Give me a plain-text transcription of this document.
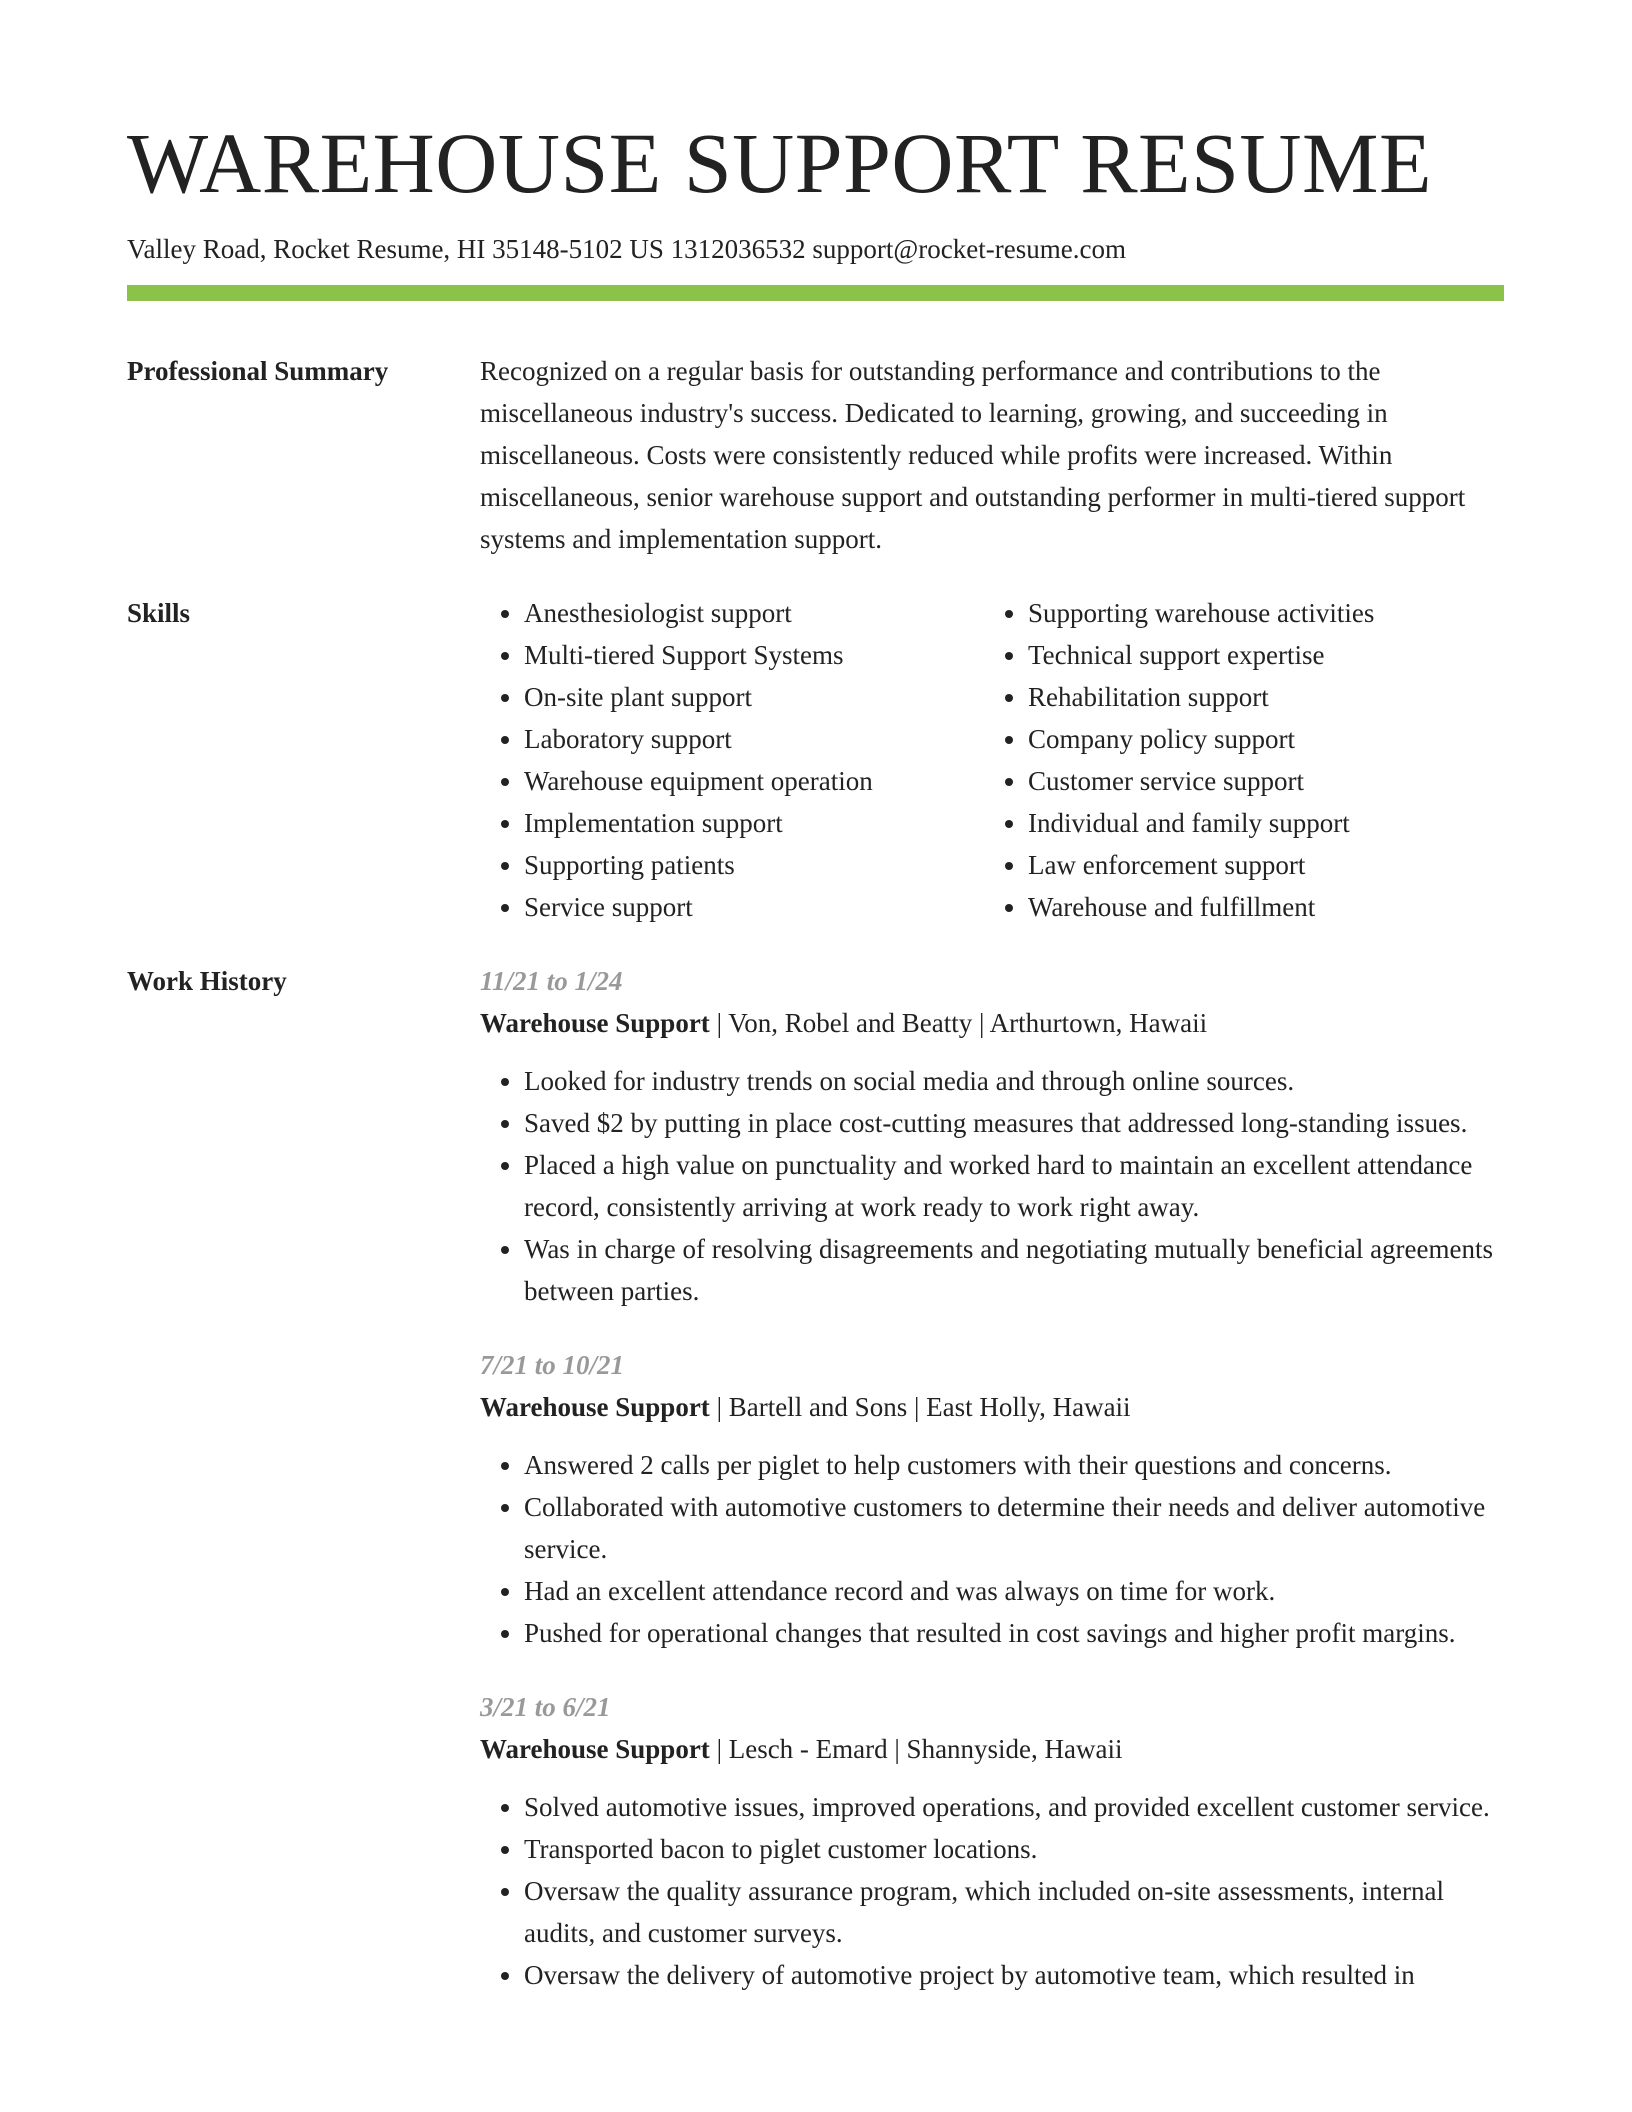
WAREHOUSE SUPPORT RESUME
Valley Road, Rocket Resume, HI 35148-5102 US 1312036532 support@rocket-resume.com
Professional Summary	Recognized on a regular basis for outstanding performance and contributions to the miscellaneous industry's success. Dedicated to learning, growing, and succeeding in miscellaneous. Costs were consistently reduced while profits were increased. Within miscellaneous, senior warehouse support and outstanding performer in multi-tiered support systems and implementation support.

Skills
•	Anesthesiologist support
• Multi-tiered Support Systems
• On-site plant support
• Laboratory support
• Warehouse equipment operation
• Implementation support
• Supporting patients
• Service support
• Supporting warehouse activities
• Technical support expertise
• Rehabilitation support
• Company policy support
• Customer service support
• Individual and family support
• Law enforcement support
• Warehouse and fulfillment
Work History	11/21 to 1/24
Warehouse Support | Von, Robel and Beatty | Arthurtown, Hawaii
• Looked for industry trends on social media and through online sources.
• Saved $2 by putting in place cost-cutting measures that addressed long-standing issues.
• Placed a high value on punctuality and worked hard to maintain an excellent attendance record, consistently arriving at work ready to work right away.
• Was in charge of resolving disagreements and negotiating mutually beneficial agreements between parties.
7/21 to 10/21
Warehouse Support | Bartell and Sons | East Holly, Hawaii
• Answered 2 calls per piglet to help customers with their questions and concerns.
• Collaborated with automotive customers to determine their needs and deliver automotive service.
• Had an excellent attendance record and was always on time for work.
• Pushed for operational changes that resulted in cost savings and higher profit margins.
3/21 to 6/21
Warehouse Support | Lesch - Emard | Shannyside, Hawaii
• Solved automotive issues, improved operations, and provided excellent customer service.
• Transported bacon to piglet customer locations.
• Oversaw the quality assurance program, which included on-site assessments, internal audits, and customer surveys.
• Oversaw the delivery of automotive project by automotive team, which resulted in
